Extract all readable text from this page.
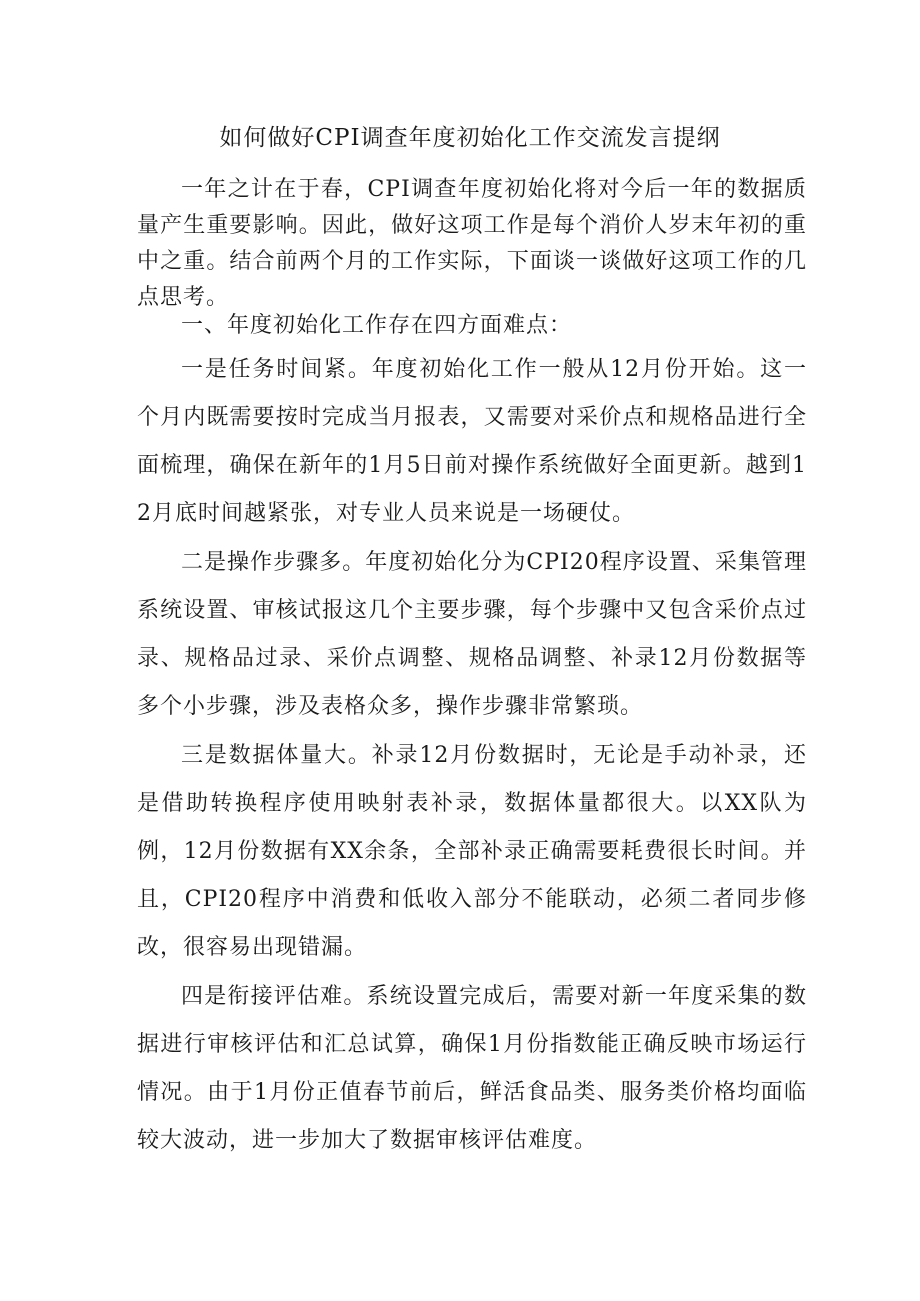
如何做好CPI调查年度初始化工作交流发言提纲

一年之计在于春，CPI调查年度初始化将对今后一年的数据质量产生重要影响。因此，做好这项工作是每个消价人岁末年初的重中之重。结合前两个月的工作实际，下面谈一谈做好这项工作的几点思考。

一、年度初始化工作存在四方面难点：

一是任务时间紧。年度初始化工作一般从12月份开始。这一个月内既需要按时完成当月报表，又需要对采价点和规格品进行全面梳理，确保在新年的1月5日前对操作系统做好全面更新。越到12月底时间越紧张，对专业人员来说是一场硬仗。

二是操作步骤多。年度初始化分为CPI20程序设置、采集管理系统设置、审核试报这几个主要步骤，每个步骤中又包含采价点过录、规格品过录、采价点调整、规格品调整、补录12月份数据等多个小步骤，涉及表格众多，操作步骤非常繁琐。

三是数据体量大。补录12月份数据时，无论是手动补录，还是借助转换程序使用映射表补录，数据体量都很大。以XX队为例，12月份数据有XX余条，全部补录正确需要耗费很长时间。并且，CPI20程序中消费和低收入部分不能联动，必须二者同步修改，很容易出现错漏。

四是衔接评估难。系统设置完成后，需要对新一年度采集的数据进行审核评估和汇总试算，确保1月份指数能正确反映市场运行情况。由于1月份正值春节前后，鲜活食品类、服务类价格均面临较大波动，进一步加大了数据审核评估难度。
